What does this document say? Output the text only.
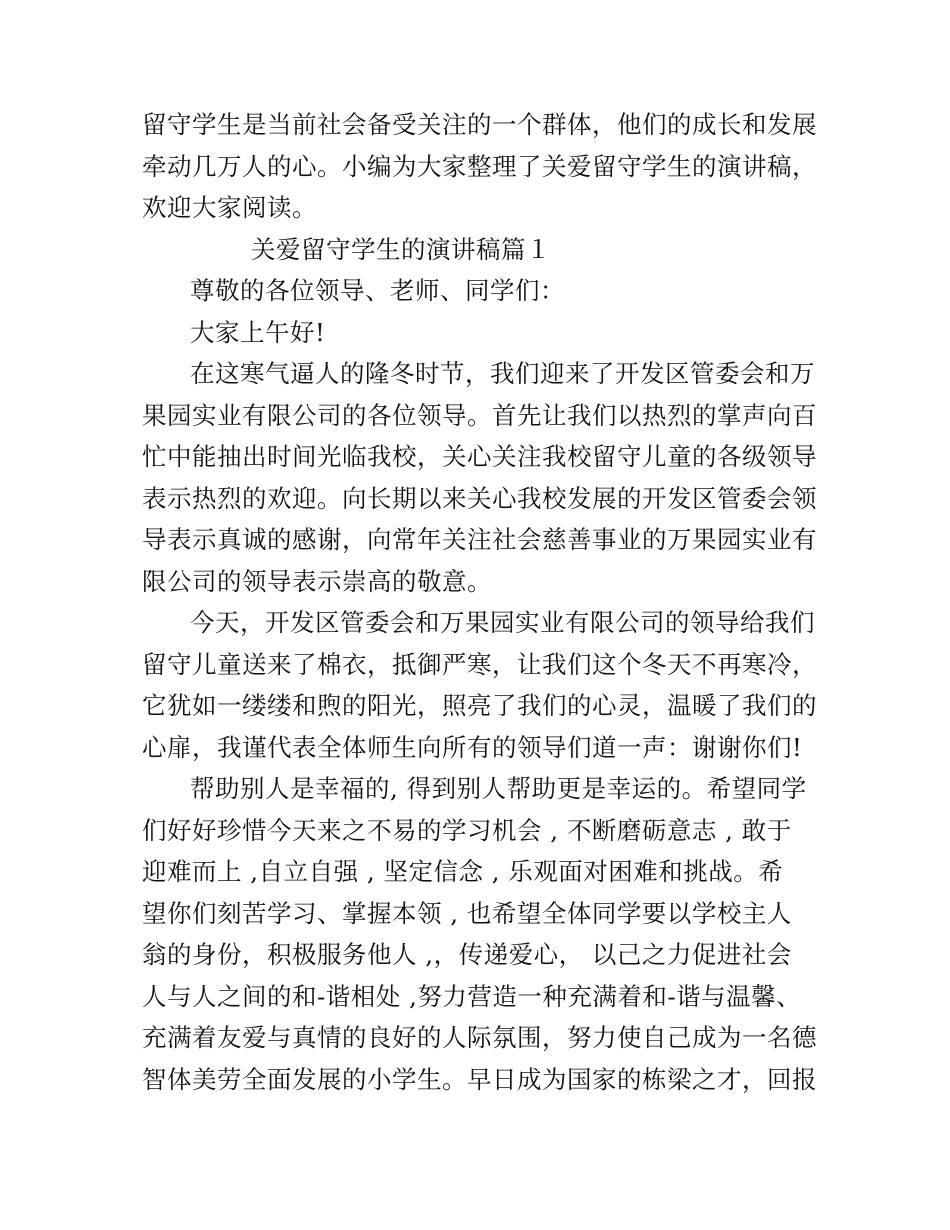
留守学生是当前社会备受关注的一个群体，他们的成长和发展
牵动几万人的心。小编为大家整理了关爱留守学生的演讲稿，
欢迎大家阅读。
关爱留守学生的演讲稿篇１
尊敬的各位领导、老师、同学们：
大家上午好!
在这寒气逼人的隆冬时节，我们迎来了开发区管委会和万
果园实业有限公司的各位领导。首先让我们以热烈的掌声向百
忙中能抽出时间光临我校，关心关注我校留守儿童的各级领导
表示热烈的欢迎。向长期以来关心我校发展的开发区管委会领
导表示真诚的感谢，向常年关注社会慈善事业的万果园实业有
限公司的领导表示崇高的敬意。
今天，开发区管委会和万果园实业有限公司的领导给我们
留守儿童送来了棉衣，抵御严寒，让我们这个冬天不再寒冷，
它犹如一缕缕和煦的阳光，照亮了我们的心灵，温暖了我们的
心扉，我谨代表全体师生向所有的领导们道一声：谢谢你们!
帮助别人是幸福的, 得到别人帮助更是幸运的。希望同学
们好好珍惜今天来之不易的学习机会 , 不断磨砺意志 , 敢于
迎难而上 ,自立自强 , 坚定信念 , 乐观面对困难和挑战。希
望你们刻苦学习、掌握本领 , 也希望全体同学要以学校主人
翁的身份，积极服务他人 ,，传递爱心， 以己之力促进社会
人与人之间的和-谐相处 ,努力营造一种充满着和-谐与温馨、
充满着友爱与真情的良好的人际氛围，努力使自己成为一名德
智体美劳全面发展的小学生。早日成为国家的栋梁之才，回报
